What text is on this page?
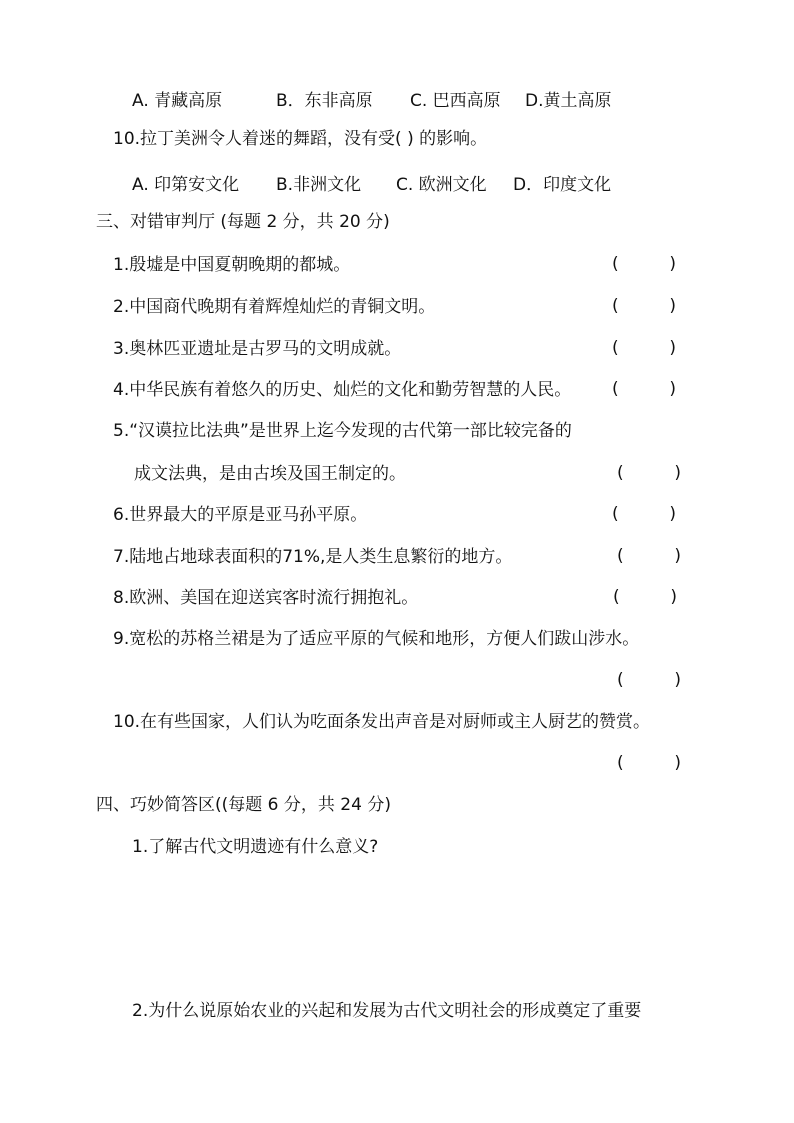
A. 青藏高原	B．东非高原 C. 巴西高原 D.黄土高原
10.拉丁美洲令人着迷的舞蹈，没有受( ) 的影响。
A. 印第安文化 B.非洲文化 C. 欧洲文化 D．印度文化
三、对错审判厅 (每题 2 分，共 20 分)
1.殷墟是中国夏朝晚期的都城。	(	)
2.中国商代晚期有着辉煌灿烂的青铜文明。	(	)
3.奥林匹亚遗址是古罗马的文明成就。	(	)
4.中华民族有着悠久的历史、灿烂的文化和勤劳智慧的人民。 (	)
5.“汉谟拉比法典”是世界上迄今发现的古代第一部比较完备的
成文法典，是由古埃及国王制定的。	(	)
6.世界最大的平原是亚马孙平原。	(	)
7.陆地占地球表面积的71%,是人类生息繁衍的地方。	(	)
8.欧洲、美国在迎送宾客时流行拥抱礼。	(	)
9.宽松的苏格兰裙是为了适应平原的气候和地形，方便人们跋山涉水。
(	)
10.在有些国家，人们认为吃面条发出声音是对厨师或主人厨艺的赞赏。
(	)
四、巧妙简答区((每题 6 分，共 24 分)
1.了解古代文明遗迹有什么意义?
2.为什么说原始农业的兴起和发展为古代文明社会的形成奠定了重要
